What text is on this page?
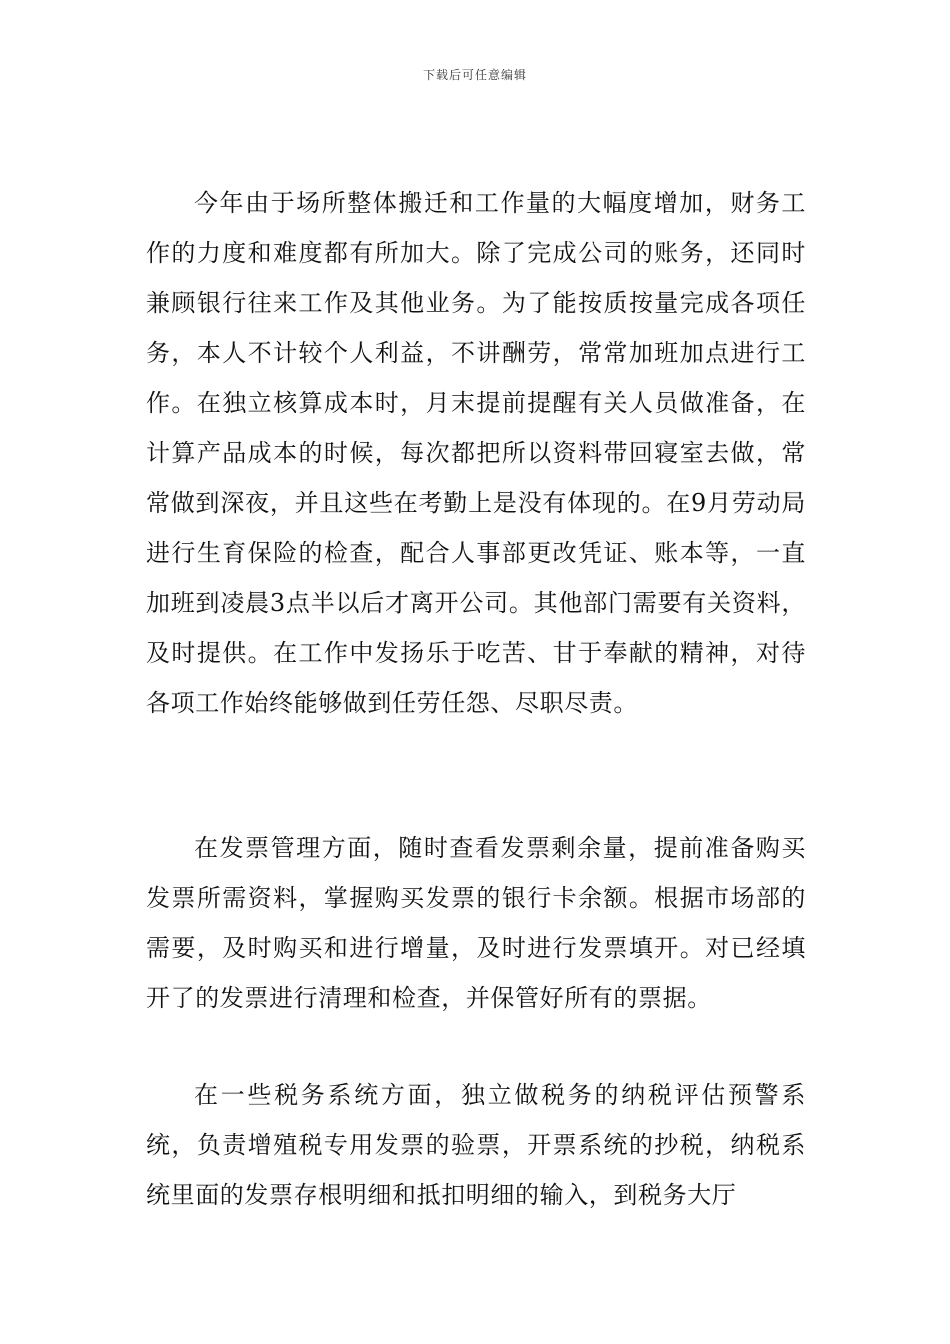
下载后可任意编辑

今年由于场所整体搬迁和工作量的大幅度增加，财务工作的力度和难度都有所加大。除了完成公司的账务，还同时兼顾银行往来工作及其他业务。为了能按质按量完成各项任务，本人不计较个人利益，不讲酬劳，常常加班加点进行工作。在独立核算成本时，月末提前提醒有关人员做准备，在计算产品成本的时候，每次都把所以资料带回寝室去做，常常做到深夜，并且这些在考勤上是没有体现的。在9月劳动局进行生育保险的检查，配合人事部更改凭证、账本等，一直加班到凌晨3点半以后才离开公司。其他部门需要有关资料，及时提供。在工作中发扬乐于吃苦、甘于奉献的精神，对待各项工作始终能够做到任劳任怨、尽职尽责。

在发票管理方面，随时查看发票剩余量，提前准备购买发票所需资料，掌握购买发票的银行卡余额。根据市场部的需要，及时购买和进行增量，及时进行发票填开。对已经填开了的发票进行清理和检查，并保管好所有的票据。

在一些税务系统方面，独立做税务的纳税评估预警系统，负责增殖税专用发票的验票，开票系统的抄税，纳税系统里面的发票存根明细和抵扣明细的输入，到税务大厅
